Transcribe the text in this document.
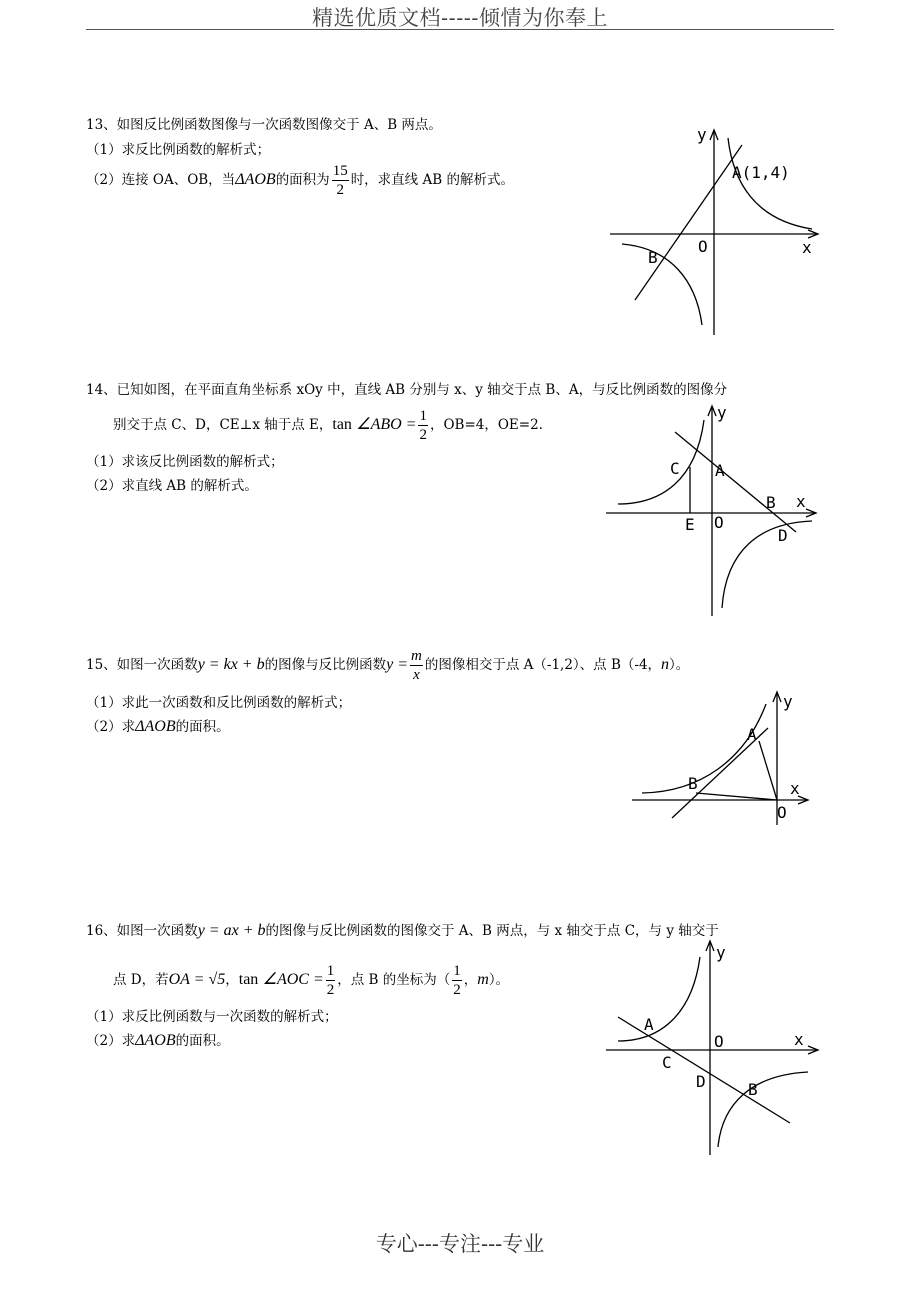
精选优质文档-----倾情为你奉上
13、如图反比例函数图像与一次函数图像交于 A、B 两点。
（1）求反比例函数的解析式；
（2）连接 OA、OB，当ΔAOB的面积为 $\frac{15}{2}$ 时，求直线 AB 的解析式。
y
x
O
A(1,4)
B
14、已知如图，在平面直角坐标系 xOy 中，直线 AB 分别与 x、y 轴交于点 B、A，与反比例函数的图像分
别交于点 C、D，CE⊥x 轴于点 E，tan ∠ABO = $\frac{1}{2}$ ，OB=4，OE=2.
（1）求该反比例函数的解析式；
（2）求直线 AB 的解析式。
y
x
O
A
B
C
D
E
15、如图一次函数y = kx + b的图像与反比例函数$y = \frac{m}{x}$ 的图像相交于点 A（-1,2）、点 B（-4，n）。
（1）求此一次函数和反比例函数的解析式；
（2）求ΔAOB的面积。
y
x
O
A
B
16、如图一次函数y = ax + b的图像与反比例函数的图像交于 A、B 两点，与 x 轴交于点 C，与 y 轴交于
点 D，若OA = √5，tan ∠AOC = $\frac{1}{2}$ ，点 B 的坐标为（ $\frac{1}{2}$ ，m）。
（1）求反比例函数与一次函数的解析式；
（2）求ΔAOB的面积。
y
x
O
A
B
C
D
专心---专注---专业
